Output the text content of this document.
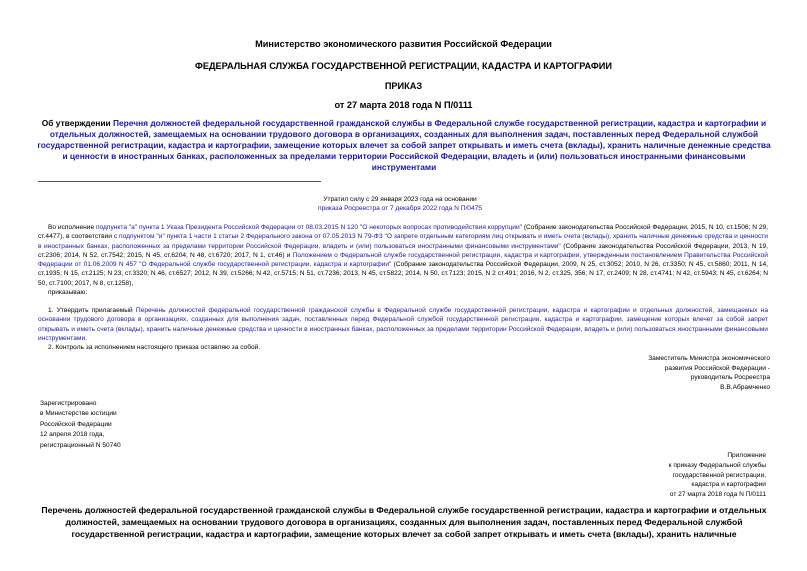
Министерство экономического развития Российской Федерации
ФЕДЕРАЛЬНАЯ СЛУЖБА ГОСУДАРСТВЕННОЙ РЕГИСТРАЦИИ, КАДАСТРА И КАРТОГРАФИИ
ПРИКАЗ
от 27 марта 2018 года N П/0111
Об утверждении Перечня должностей федеральной государственной гражданской службы в Федеральной службе государственной регистрации, кадастра и картографии и отдельных должностей, замещаемых на основании трудового договора в организациях, созданных для выполнения задач, поставленных перед Федеральной службой государственной регистрации, кадастра и картографии, замещение которых влечет за собой запрет открывать и иметь счета (вклады), хранить наличные денежные средства и ценности в иностранных банках, расположенных за пределами территории Российской Федерации, владеть и (или) пользоваться иностранными финансовыми инструментами
Утратил силу с 29 января 2023 года на основании
приказа Росреестра от 7 декабря 2022 года N П/0475
Во исполнение подпункта "а" пункта 1 Указа Президента Российской Федерации от 08.03.2015 N 120 "О некоторых вопросах противодействия коррупции" (Собрание законодательства Российской Федерации, 2015, N 10, ст.1506; N 29, ст.4477), в соответствии с подпунктом "и" пункта 1 части 1 статьи 2 Федерального закона от 07.05.2013 N 79-ФЗ "О запрете отдельным категориям лиц открывать и иметь счета (вклады), хранить наличные денежные средства и ценности в иностранных банках, расположенных за пределами территории Российской Федерации, владеть и (или) пользоваться иностранными финансовыми инструментами" (Собрание законодательства Российской Федерации, 2013, N 19, ст.2306; 2014, N 52, ст.7542; 2015, N 45, ст.6204; N 48, ст.6720; 2017, N 1, ст.46) и Положением о Федеральной службе государственной регистрации, кадастра и картографии, утвержденным постановлением Правительства Российской Федерации от 01.06.2009 N 457 "О Федеральной службе государственной регистрации, кадастра и картографии" (Собрание законодательства Российской Федерации, 2009, N 25, ст.3052; 2010, N 26, ст.3350; N 45, ст.5860; 2011, N 14, ст.1935; N 15, ст.2125; N 23, ст.3320; N 46, ст.6527; 2012, N 39, ст.5266; N 42, ст.5715; N 51, ст.7236; 2013, N 45, ст.5822; 2014, N 50, ст.7123; 2015, N 2 ст.491; 2016, N 2, ст.325, 356; N 17, ст.2409; N 28, ст.4741; N 42, ст.5943; N 45, ст.6264; N 50, ст.7100; 2017, N 8, ст.1258),
приказываю:
1. Утвердить прилагаемый Перечень должностей федеральной государственной гражданской службы в Федеральной службе государственной регистрации, кадастра и картографии и отдельных должностей, замещаемых на основании трудового договора в организациях, созданных для выполнения задач, поставленных перед Федеральной службой государственной регистрации, кадастра и картографии, замещение которых влечет за собой запрет открывать и иметь счета (вклады), хранить наличные денежные средства и ценности в иностранных банках, расположенных за пределами территории Российской Федерации, владеть и (или) пользоваться иностранными финансовыми инструментами.
2. Контроль за исполнением настоящего приказа оставляю за собой.
Заместитель Министра экономического
развития Российской Федерации -
руководитель Росреестра
В.В.Абрамченко
Зарегистрировано
в Министерстве юстиции
Российской Федерации
12 апреля 2018 года,
регистрационный N 50740
Приложение
к приказу Федеральной службы
государственной регистрации,
кадастра и картографии
от 27 марта 2018 года N П/0111
Перечень должностей федеральной государственной гражданской службы в Федеральной службе государственной регистрации, кадастра и картографии и отдельных должностей, замещаемых на основании трудового договора в организациях, созданных для выполнения задач, поставленных перед Федеральной службой государственной регистрации, кадастра и картографии, замещение которых влечет за собой запрет открывать и иметь счета (вклады), хранить наличные
